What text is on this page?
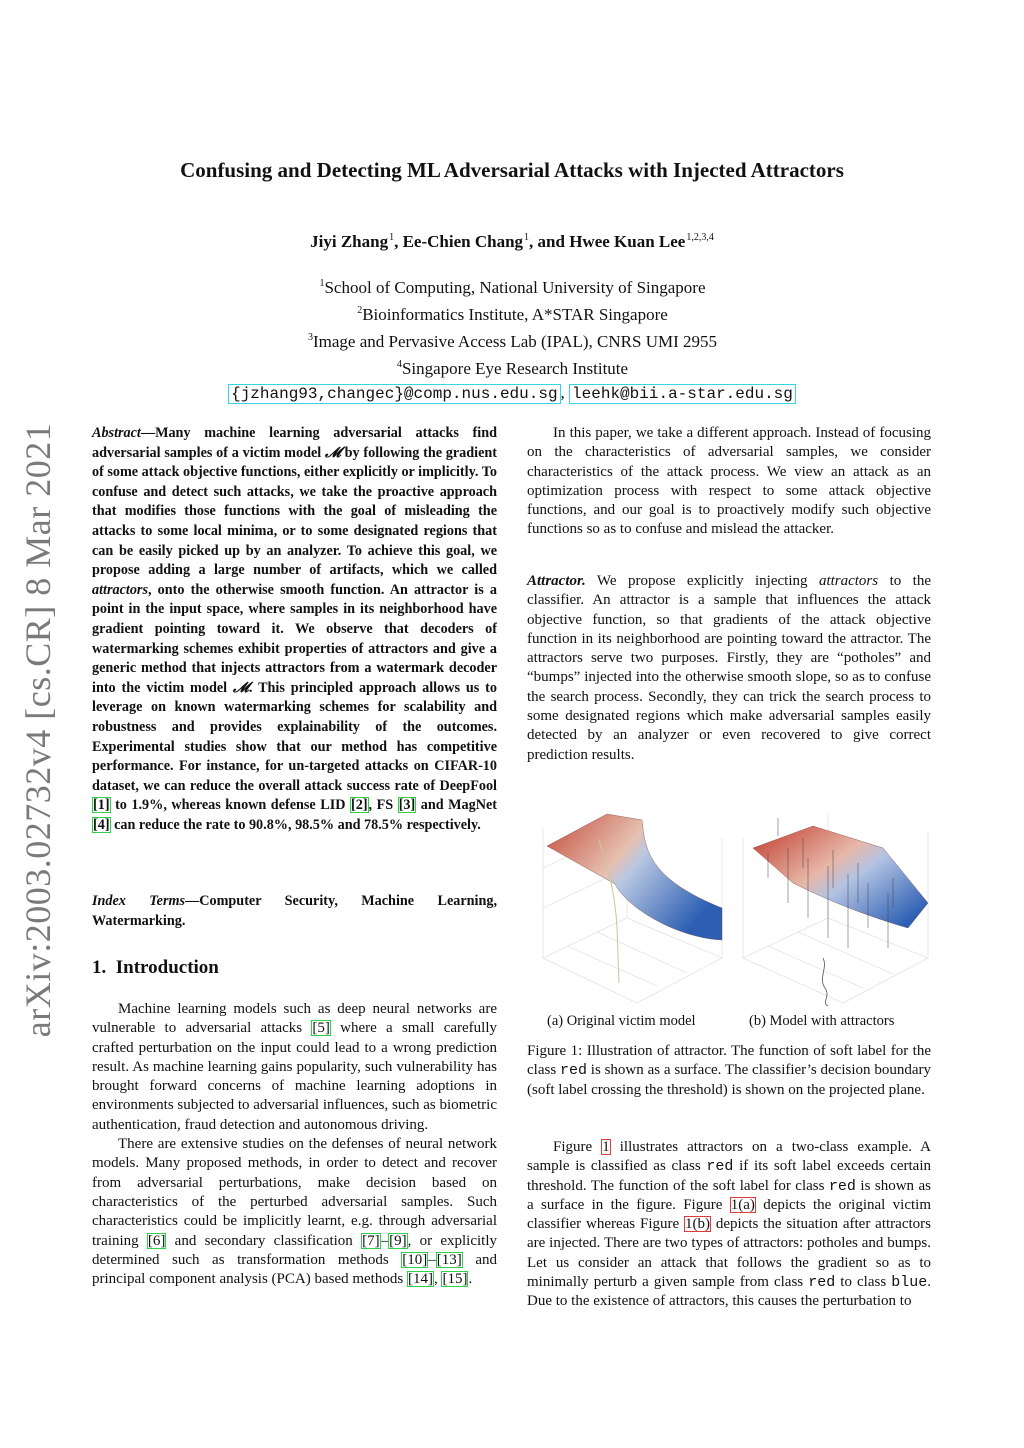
arXiv:2003.02732v4 [cs.CR] 8 Mar 2021
Confusing and Detecting ML Adversarial Attacks with Injected Attractors
Jiyi Zhang$^1$, Ee-Chien Chang$^1$, and Hwee Kuan Lee$^{1,2,3,4}$
$^1$School of Computing, National University of Singapore
$^2$Bioinformatics Institute, A*STAR Singapore
$^3$Image and Pervasive Access Lab (IPAL), CNRS UMI 2955
$^4$Singapore Eye Research Institute
{jzhang93,changec}@comp.nus.edu.sg , leehk@bii.a-star.edu.sg

Abstract—Many machine learning adversarial attacks find adversarial samples of a victim model 𝓜 by following the gradient of some attack objective functions, either explicitly or implicitly. To confuse and detect such attacks, we take the proactive approach that modifies those functions with the goal of misleading the attacks to some local minima, or to some designated regions that can be easily picked up by an analyzer. To achieve this goal, we propose adding a large number of artifacts, which we called attractors, onto the otherwise smooth function. An attractor is a point in the input space, where samples in its neighborhood have gradient pointing toward it. We observe that decoders of watermarking schemes exhibit properties of attractors and give a generic method that injects attractors from a watermark decoder into the victim model 𝓜. This principled approach allows us to leverage on known watermarking schemes for scalability and robustness and provides explainability of the outcomes. Experimental studies show that our method has competitive performance. For instance, for un-targeted attacks on CIFAR-10 dataset, we can reduce the overall attack success rate of DeepFool [1] to 1.9%, whereas known defense LID [2], FS [3] and MagNet [4] can reduce the rate to 90.8%, 98.5% and 78.5% respectively.

Index Terms—Computer Security, Machine Learning, Watermarking.

1. Introduction

Machine learning models such as deep neural networks are vulnerable to adversarial attacks [5] where a small carefully crafted perturbation on the input could lead to a wrong prediction result. As machine learning gains popularity, such vulnerability has brought forward concerns of machine learning adoptions in environments subjected to adversarial influences, such as biometric authentication, fraud detection and autonomous driving.

There are extensive studies on the defenses of neural network models. Many proposed methods, in order to detect and recover from adversarial perturbations, make decision based on characteristics of the perturbed adversarial samples. Such characteristics could be implicitly learnt, e.g. through adversarial training [6] and secondary classification [7]–[9], or explicitly determined such as transformation methods [10]–[13] and principal component analysis (PCA) based methods [14], [15].

In this paper, we take a different approach. Instead of focusing on the characteristics of adversarial samples, we consider characteristics of the attack process. We view an attack as an optimization process with respect to some attack objective functions, and our goal is to proactively modify such objective functions so as to confuse and mislead the attacker.

Attractor. We propose explicitly injecting attractors to the classifier. An attractor is a sample that influences the attack objective function, so that gradients of the attack objective function in its neighborhood are pointing toward the attractor. The attractors serve two purposes. Firstly, they are “potholes” and “bumps” injected into the otherwise smooth slope, so as to confuse the search process. Secondly, they can trick the search process to some designated regions which make adversarial samples easily detected by an analyzer or even recovered to give correct prediction results.

(a) Original victim model	(b) Model with attractors

Figure 1: Illustration of attractor. The function of soft label for the class red is shown as a surface. The classifier’s decision boundary (soft label crossing the threshold) is shown on the projected plane.

Figure 1 illustrates attractors on a two-class example. A sample is classified as class red if its soft label exceeds certain threshold. The function of the soft label for class red is shown as a surface in the figure. Figure 1(a) depicts the original victim classifier whereas Figure 1(b) depicts the situation after attractors are injected. There are two types of attractors: potholes and bumps. Let us consider an attack that follows the gradient so as to minimally perturb a given sample from class red to class blue. Due to the existence of attractors, this causes the perturbation to
